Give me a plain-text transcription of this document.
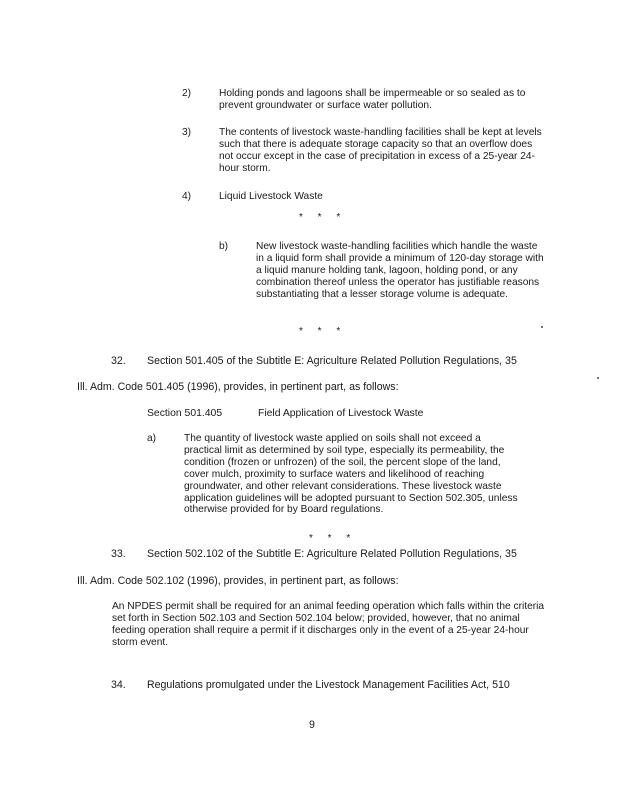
2)	Holding ponds and lagoons shall be impermeable or so sealed as to prevent groundwater or surface water pollution.
3)	The contents of livestock waste-handling facilities shall be kept at levels such that there is adequate storage capacity so that an overflow does not occur except in the case of precipitation in excess of a 25-year 24-hour storm.
4)	Liquid Livestock Waste
* * *
b)	New livestock waste-handling facilities which handle the waste in a liquid form shall provide a minimum of 120-day storage with a liquid manure holding tank, lagoon, holding pond, or any combination thereof unless the operator has justifiable reasons substantiating that a lesser storage volume is adequate.
* * *
32. Section 501.405 of the Subtitle E: Agriculture Related Pollution Regulations, 35
Ill. Adm. Code 501.405 (1996), provides, in pertinent part, as follows:
Section 501.405	Field Application of Livestock Waste
a)	The quantity of livestock waste applied on soils shall not exceed a practical limit as determined by soil type, especially its permeability, the condition (frozen or unfrozen) of the soil, the percent slope of the land, cover mulch, proximity to surface waters and likelihood of reaching groundwater, and other relevant considerations. These livestock waste application guidelines will be adopted pursuant to Section 502.305, unless otherwise provided for by Board regulations.
* * *
33. Section 502.102 of the Subtitle E: Agriculture Related Pollution Regulations, 35
Ill. Adm. Code 502.102 (1996), provides, in pertinent part, as follows:
An NPDES permit shall be required for an animal feeding operation which falls within the criteria set forth in Section 502.103 and Section 502.104 below; provided, however, that no animal feeding operation shall require a permit if it discharges only in the event of a 25-year 24-hour storm event.
34. Regulations promulgated under the Livestock Management Facilities Act, 510
9
